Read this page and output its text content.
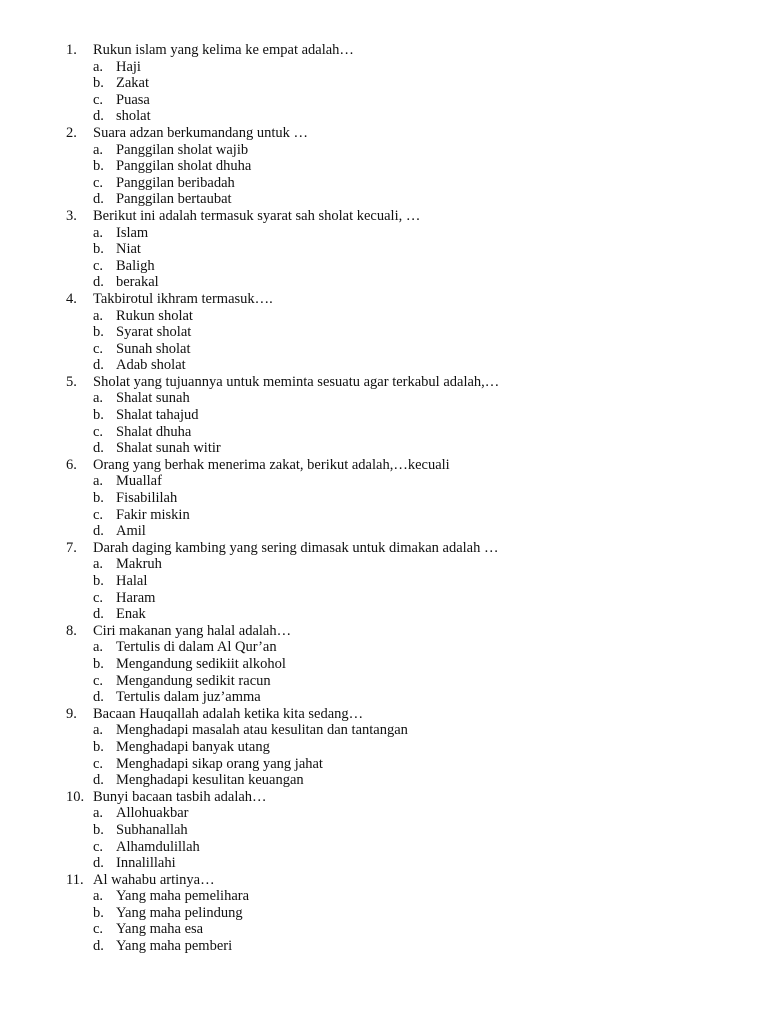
1.	Rukun islam yang kelima ke empat adalah…
a. Haji
b. Zakat
c. Puasa
d. sholat
2.	Suara adzan berkumandang untuk …
a. Panggilan sholat wajib
b. Panggilan sholat dhuha
c. Panggilan beribadah
d. Panggilan bertaubat
3.	Berikut ini adalah termasuk syarat sah sholat kecuali, …
a. Islam
b. Niat
c. Baligh
d. berakal
4.	Takbirotul ikhram termasuk….
a. Rukun sholat
b. Syarat sholat
c. Sunah sholat
d. Adab sholat
5.	Sholat yang tujuannya untuk meminta sesuatu agar terkabul adalah,…
a. Shalat sunah
b. Shalat tahajud
c. Shalat dhuha
d. Shalat sunah witir
6.	Orang yang berhak menerima zakat, berikut adalah,…kecuali
a. Muallaf
b. Fisabililah
c. Fakir miskin
d. Amil
7.	Darah daging kambing yang sering dimasak untuk dimakan adalah …
a. Makruh
b. Halal
c. Haram
d. Enak
8.	Ciri makanan yang halal adalah…
a. Tertulis di dalam Al Qur’an
b. Mengandung sedikiit alkohol
c. Mengandung sedikit racun
d. Tertulis dalam juz’amma
9.	Bacaan Hauqallah adalah ketika kita sedang…
a. Menghadapi masalah atau kesulitan dan tantangan
b. Menghadapi banyak utang
c. Menghadapi sikap orang yang jahat
d. Menghadapi kesulitan keuangan
10. Bunyi bacaan tasbih adalah…
a. Allohuakbar
b. Subhanallah
c. Alhamdulillah
d. Innalillahi
11. Al wahabu artinya…
a. Yang maha pemelihara
b. Yang maha pelindung
c. Yang maha esa
d. Yang maha pemberi
